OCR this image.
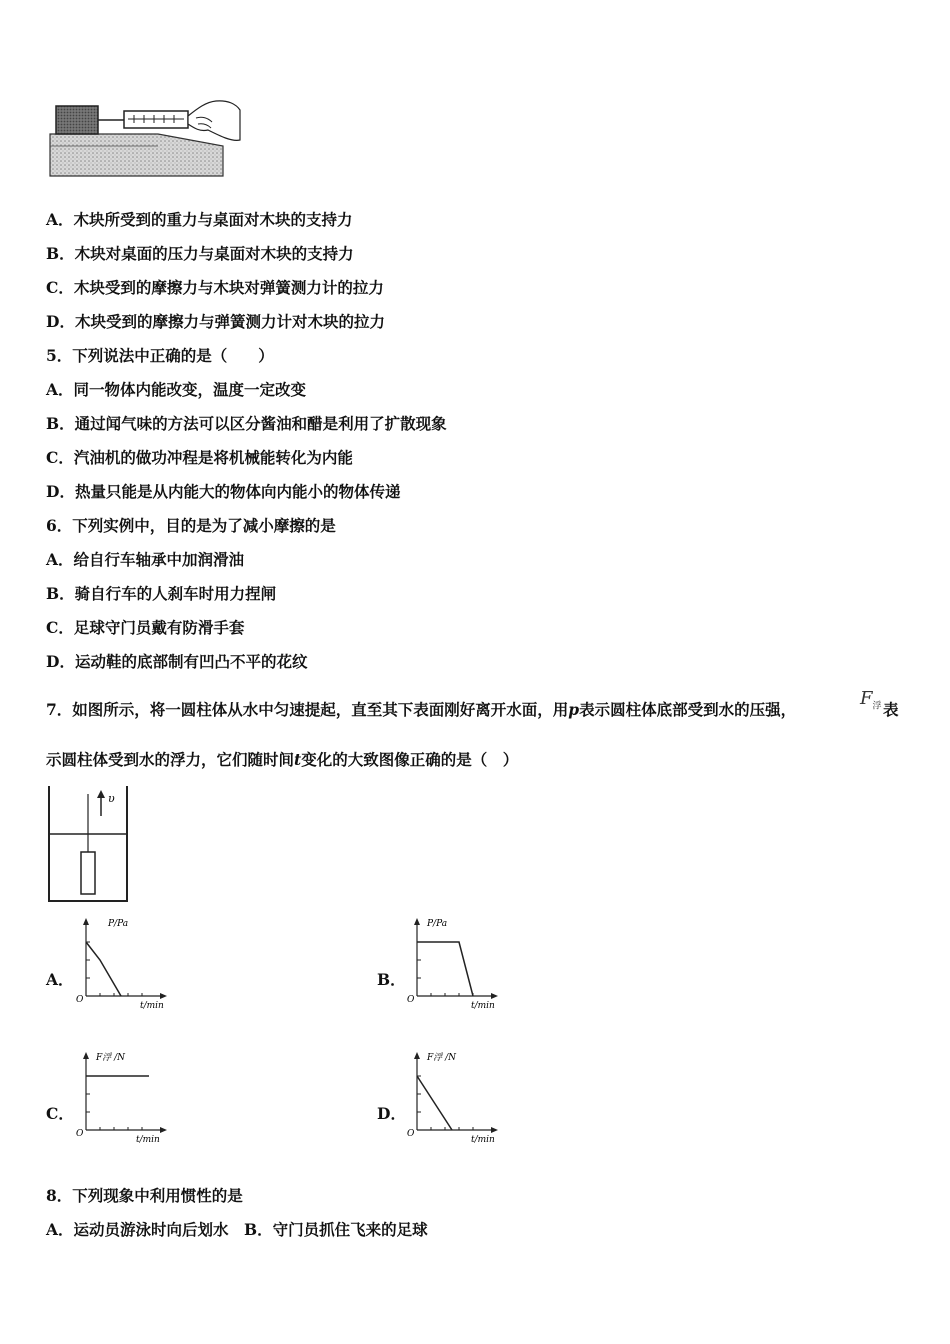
A．木块所受到的重力与桌面对木块的支持力
B．木块对桌面的压力与桌面对木块的支持力
C．木块受到的摩擦力与木块对弹簧测力计的拉力
D．木块受到的摩擦力与弹簧测力计对木块的拉力
5．下列说法中正确的是（　　）
A．同一物体内能改变，温度一定改变
B．通过闻气味的方法可以区分酱油和醋是利用了扩散现象
C．汽油机的做功冲程是将机械能转化为内能
D．热量只能是从内能大的物体向内能小的物体传递
6．下列实例中，目的是为了减小摩擦的是
A．给自行车轴承中加润滑油
B．骑自行车的人刹车时用力捏闸
C．足球守门员戴有防滑手套
D．运动鞋的底部制有凹凸不平的花纹
7．如图所示，将一圆柱体从水中匀速提起，直至其下表面刚好离开水面，用p表示圆柱体底部受到水的压强，
$F_浮$ 表
示圆柱体受到水的浮力，它们随时间t变化的大致图像正确的是（　）
υ
A．	B．
C．	D．
P/Pa
t/min
O
P/Pa
t/min
O
F浮 /N
t/min
O
F浮 /N
t/min
O
8．下列现象中利用惯性的是
A．运动员游泳时向后划水　B．守门员抓住飞来的足球
